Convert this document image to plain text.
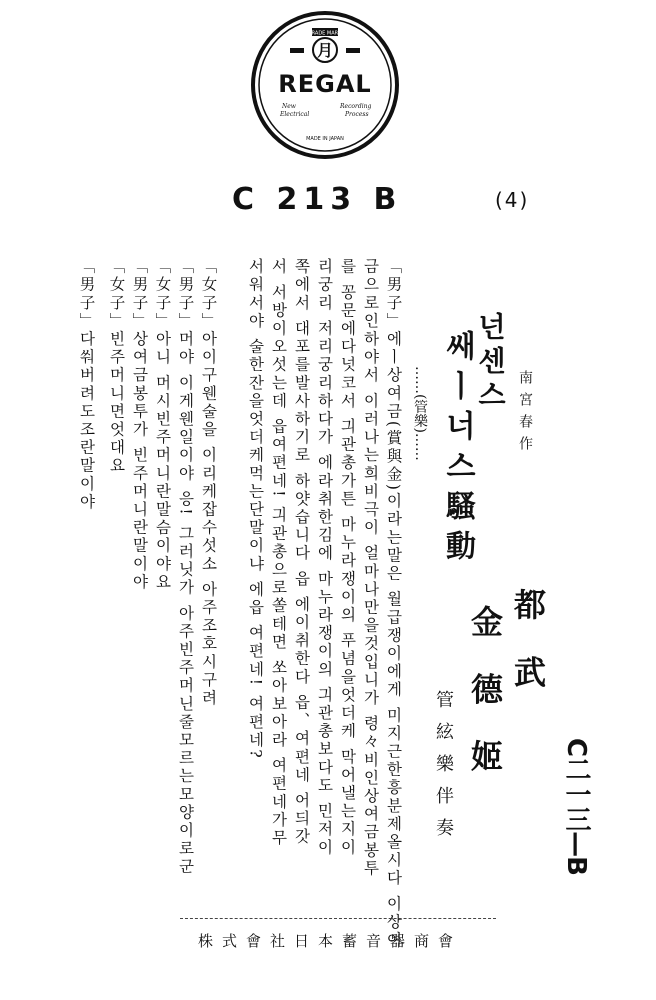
TRADE MARK
月
REGAL
New
Electrical
Recording
Process
MADE IN JAPAN
C 213 B	(4)
C二一三—B
都 武
金 德 姬
넌센스
쌔ㅣ너스騷動	南宮春作
管絃樂伴奏
……(管樂)……
「男子」에ㅣ상여금(賞與金)이라는말은 월급쟁이에게 미지근한흥분제올시다 이상여
금으로인하야서 이러나는희비극이 얼마나만을것입니가 령々비인상여금봉투
를 꽁문에다넛코서 긔관총가튼 마누라쟁이의 푸념을엇더케 막어낼는지이
리궁리 저리궁리하다가 에라취한김에 마누라쟁이의 긔관총보다도 민저이
쪽에서 대포를발사하기로 하얏습니다 읍 에이취한다 읍、여편네 어듸갓
서 서방이오섯는데 읍여편네! 긔관총으로쏠테면 쏘아보아라 여편네가무
서워서야 술한잔을엇더케먹는단말이냐 에읍 여편네! 여편네?
「女子」아이구웬술을 이리케잡수섯소 아주조호시구려
「男子」머야 이게웬일이야 응! 그러닛가 아주빈주머닌줄모르는모양이로군
「女子」아니 머시빈주머니란말슴이야요
「男子」상여금봉투가 빈주머니란말이야
「女子」빈주머니면엇대요
「男子」다쒀버려도조란말이야
株式會社日本蓄音器商會
